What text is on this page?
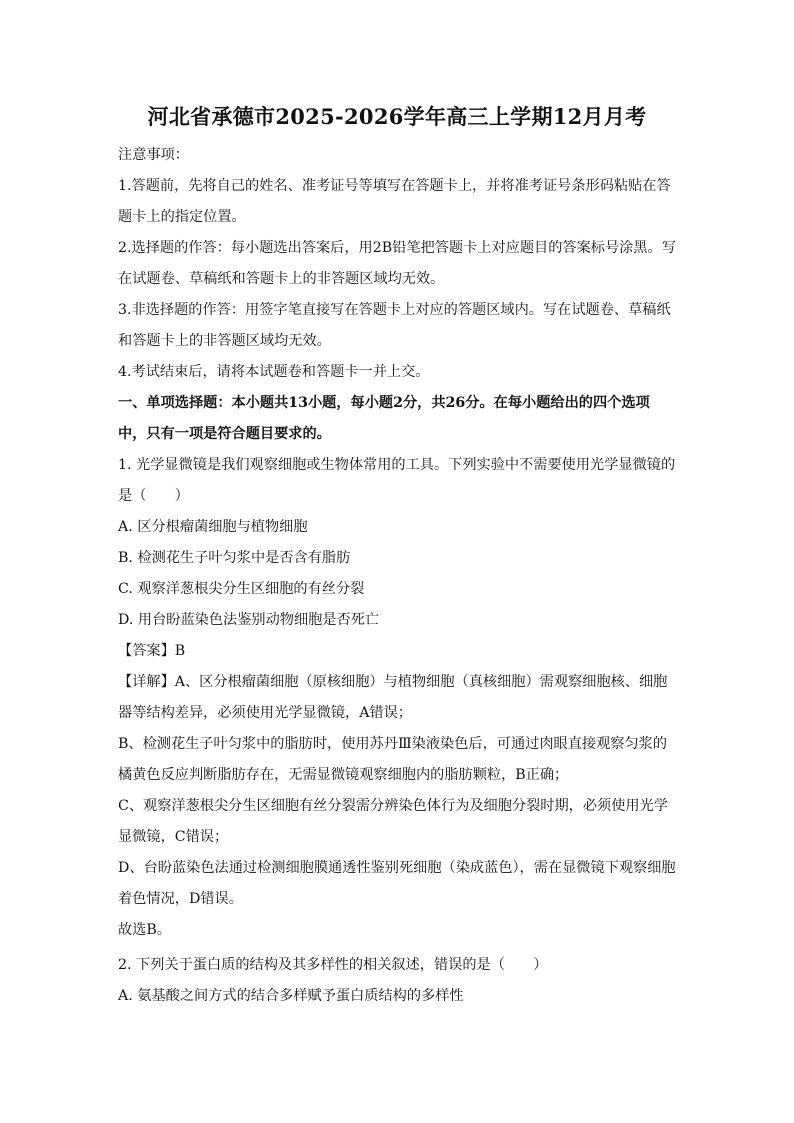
河北省承德市2025-2026学年高三上学期12月月考
注意事项：
1.答题前，先将自己的姓名、准考证号等填写在答题卡上，并将准考证号条形码粘贴在答
题卡上的指定位置。
2.选择题的作答：每小题选出答案后，用2B铅笔把答题卡上对应题目的答案标号涂黑。写
在试题卷、草稿纸和答题卡上的非答题区域均无效。
3.非选择题的作答：用签字笔直接写在答题卡上对应的答题区域内。写在试题卷、草稿纸
和答题卡上的非答题区域均无效。
4.考试结束后，请将本试题卷和答题卡一并上交。
一、单项选择题：本小题共13小题，每小题2分，共26分。在每小题给出的四个选项
中，只有一项是符合题目要求的。
1. 光学显微镜是我们观察细胞或生物体常用的工具。下列实验中不需要使用光学显微镜的
是（　　）
A. 区分根瘤菌细胞与植物细胞
B. 检测花生子叶匀浆中是否含有脂肪
C. 观察洋葱根尖分生区细胞的有丝分裂
D. 用台盼蓝染色法鉴别动物细胞是否死亡
【答案】B
【详解】A、区分根瘤菌细胞（原核细胞）与植物细胞（真核细胞）需观察细胞核、细胞
器等结构差异，必须使用光学显微镜，A错误；
B、检测花生子叶匀浆中的脂肪时，使用苏丹Ⅲ染液染色后，可通过肉眼直接观察匀浆的
橘黄色反应判断脂肪存在，无需显微镜观察细胞内的脂肪颗粒，B正确；
C、观察洋葱根尖分生区细胞有丝分裂需分辨染色体行为及细胞分裂时期，必须使用光学
显微镜，C错误；
D、台盼蓝染色法通过检测细胞膜通透性鉴别死细胞（染成蓝色），需在显微镜下观察细胞
着色情况，D错误。
故选B。
2. 下列关于蛋白质的结构及其多样性的相关叙述，错误的是（　　）
A. 氨基酸之间方式的结合多样赋予蛋白质结构的多样性
